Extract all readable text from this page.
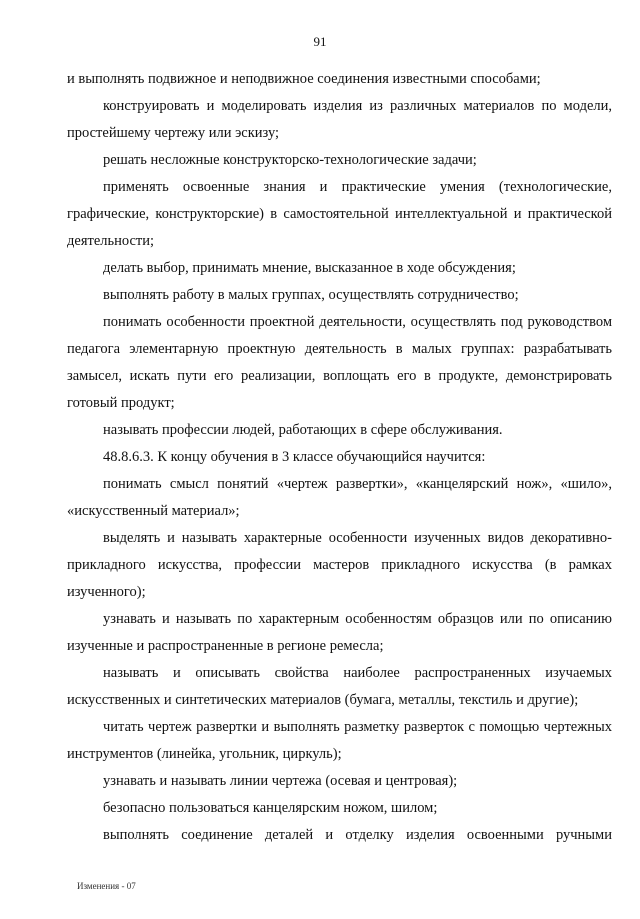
91

и выполнять подвижное и неподвижное соединения известными способами;

конструировать и моделировать изделия из различных материалов по модели, простейшему чертежу или эскизу;

решать несложные конструкторско-технологические задачи;

применять освоенные знания и практические умения (технологические, графические, конструкторские) в самостоятельной интеллектуальной и практической деятельности;

делать выбор, принимать мнение, высказанное в ходе обсуждения;

выполнять работу в малых группах, осуществлять сотрудничество;

понимать особенности проектной деятельности, осуществлять под руководством педагога элементарную проектную деятельность в малых группах: разрабатывать замысел, искать пути его реализации, воплощать его в продукте, демонстрировать готовый продукт;

называть профессии людей, работающих в сфере обслуживания.

48.8.6.3. К концу обучения в 3 классе обучающийся научится:

понимать смысл понятий «чертеж развертки», «канцелярский нож», «шило», «искусственный материал»;

выделять и называть характерные особенности изученных видов декоративно-прикладного искусства, профессии мастеров прикладного искусства (в рамках изученного);

узнавать и называть по характерным особенностям образцов или по описанию изученные и распространенные в регионе ремесла;

называть и описывать свойства наиболее распространенных изучаемых искусственных и синтетических материалов (бумага, металлы, текстиль и другие);

читать чертеж развертки и выполнять разметку разверток с помощью чертежных инструментов (линейка, угольник, циркуль);

узнавать и называть линии чертежа (осевая и центровая);

безопасно пользоваться канцелярским ножом, шилом;

выполнять соединение деталей и отделку изделия освоенными ручными

Изменения - 07
